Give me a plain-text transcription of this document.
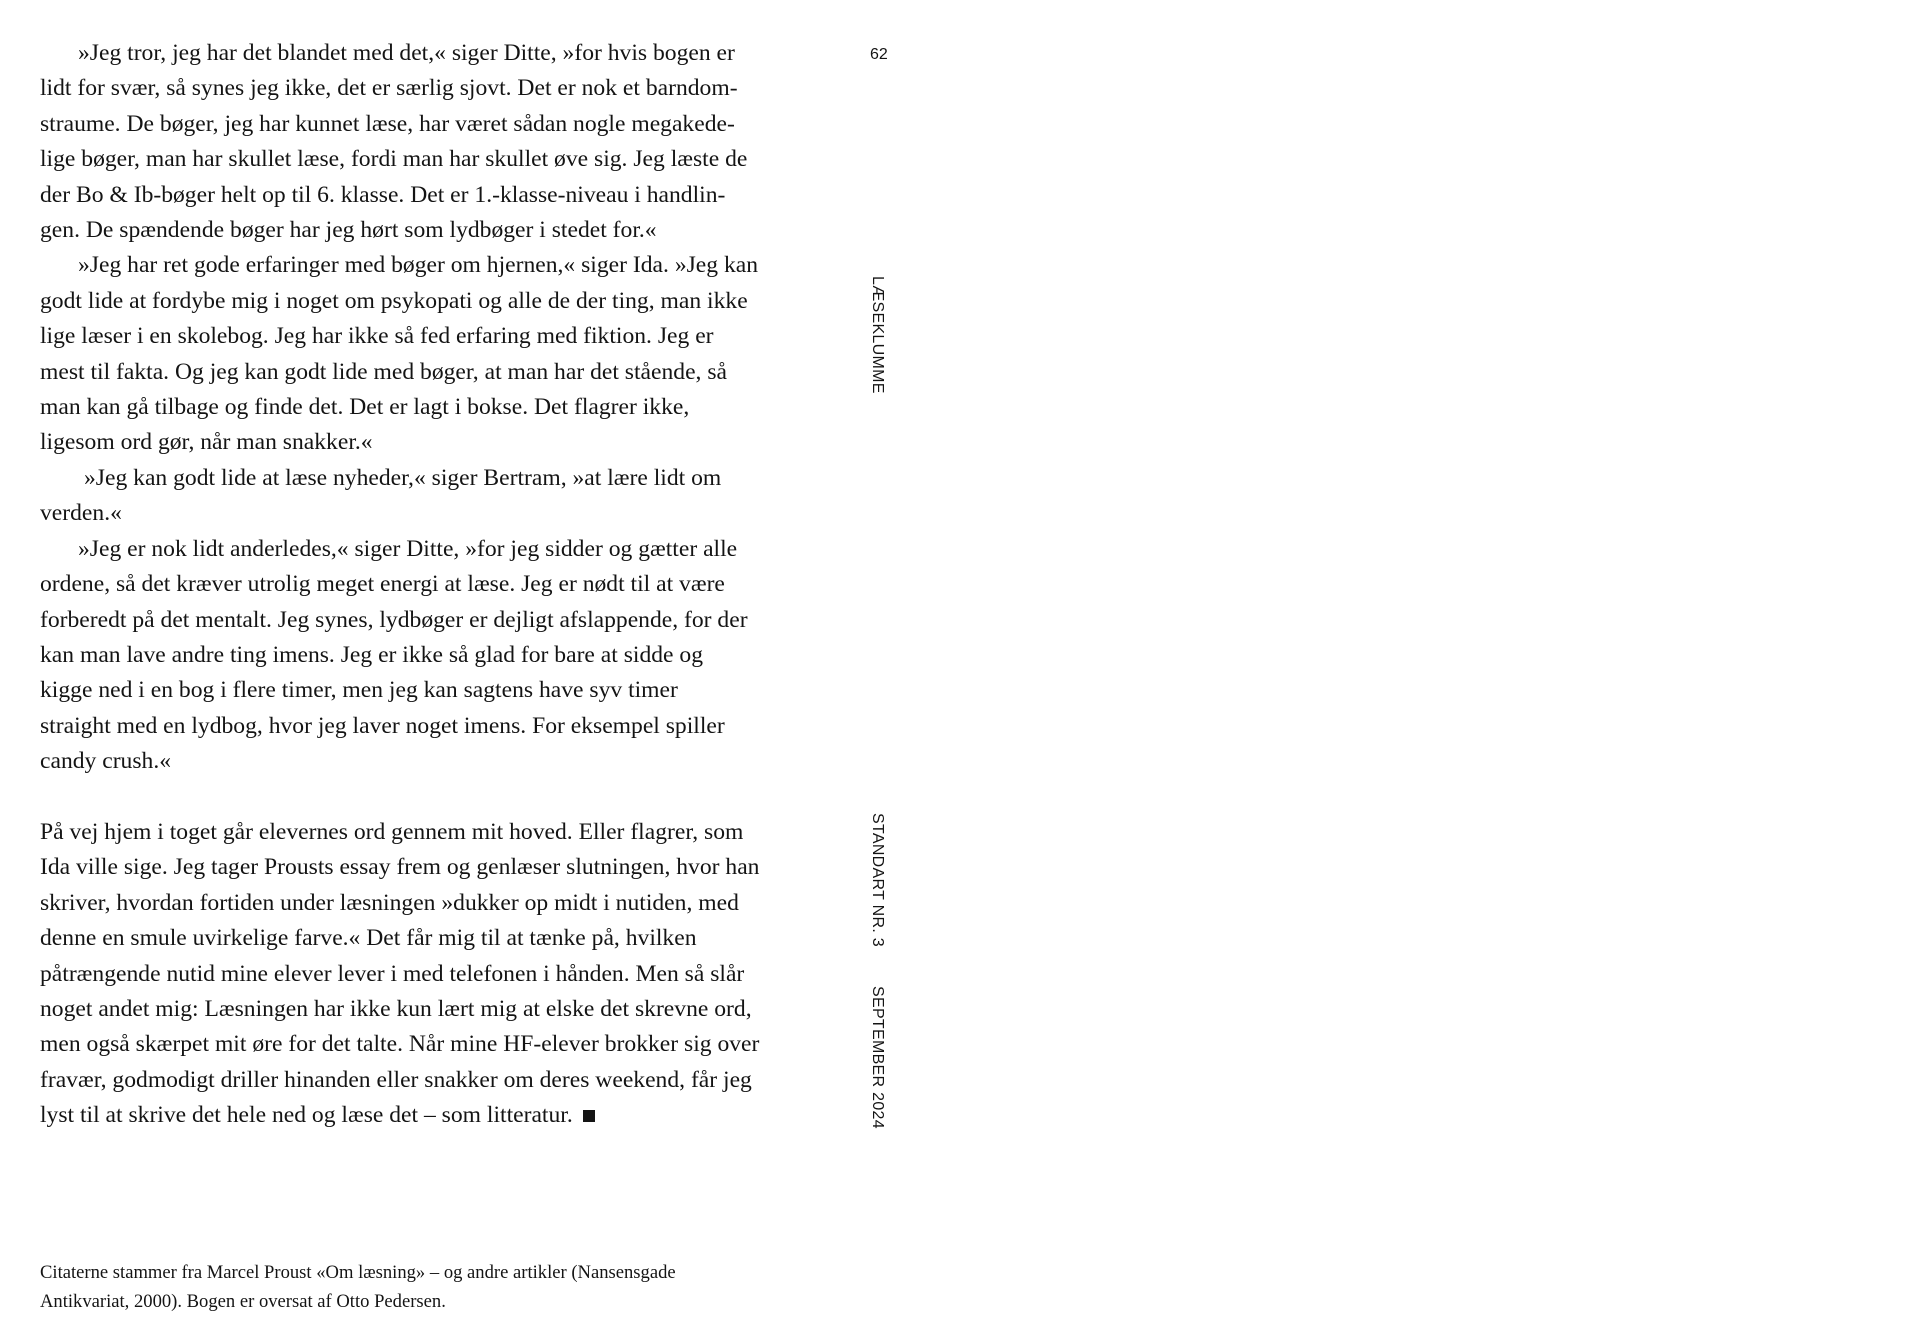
»Jeg tror, jeg har det blandet med det,« siger Ditte, »for hvis bogen er
lidt for svær, så synes jeg ikke, det er særlig sjovt. Det er nok et barndom-
straume. De bøger, jeg har kunnet læse, har været sådan nogle megakede-
lige bøger, man har skullet læse, fordi man har skullet øve sig. Jeg læste de
der Bo & Ib-bøger helt op til 6. klasse. Det er 1.-klasse-niveau i handlin-
gen. De spændende bøger har jeg hørt som lydbøger i stedet for.«
»Jeg har ret gode erfaringer med bøger om hjernen,« siger Ida. »Jeg kan
godt lide at fordybe mig i noget om psykopati og alle de der ting, man ikke
lige læser i en skolebog. Jeg har ikke så fed erfaring med fiktion. Jeg er
mest til fakta. Og jeg kan godt lide med bøger, at man har det stående, så
man kan gå tilbage og finde det. Det er lagt i bokse. Det flagrer ikke,
ligesom ord gør, når man snakker.«
»Jeg kan godt lide at læse nyheder,« siger Bertram, »at lære lidt om
verden.«
»Jeg er nok lidt anderledes,« siger Ditte, »for jeg sidder og gætter alle
ordene, så det kræver utrolig meget energi at læse. Jeg er nødt til at være
forberedt på det mentalt. Jeg synes, lydbøger er dejligt afslappende, for der
kan man lave andre ting imens. Jeg er ikke så glad for bare at sidde og
kigge ned i en bog i flere timer, men jeg kan sagtens have syv timer
straight med en lydbog, hvor jeg laver noget imens. For eksempel spiller
candy crush.«
På vej hjem i toget går elevernes ord gennem mit hoved. Eller flagrer, som
Ida ville sige. Jeg tager Prousts essay frem og genlæser slutningen, hvor han
skriver, hvordan fortiden under læsningen »dukker op midt i nutiden, med
denne en smule uvirkelige farve.« Det får mig til at tænke på, hvilken
påtrængende nutid mine elever lever i med telefonen i hånden. Men så slår
noget andet mig: Læsningen har ikke kun lært mig at elske det skrevne ord,
men også skærpet mit øre for det talte. Når mine HF-elever brokker sig over
fravær, godmodigt driller hinanden eller snakker om deres weekend, får jeg
lyst til at skrive det hele ned og læse det – som litteratur.
Citaterne stammer fra Marcel Proust «Om læsning» – og andre artikler (Nansensgade
Antikvariat, 2000). Bogen er oversat af Otto Pedersen.
62
LÆSEKLUMME
STANDART NR. 3
SEPTEMBER 2024
